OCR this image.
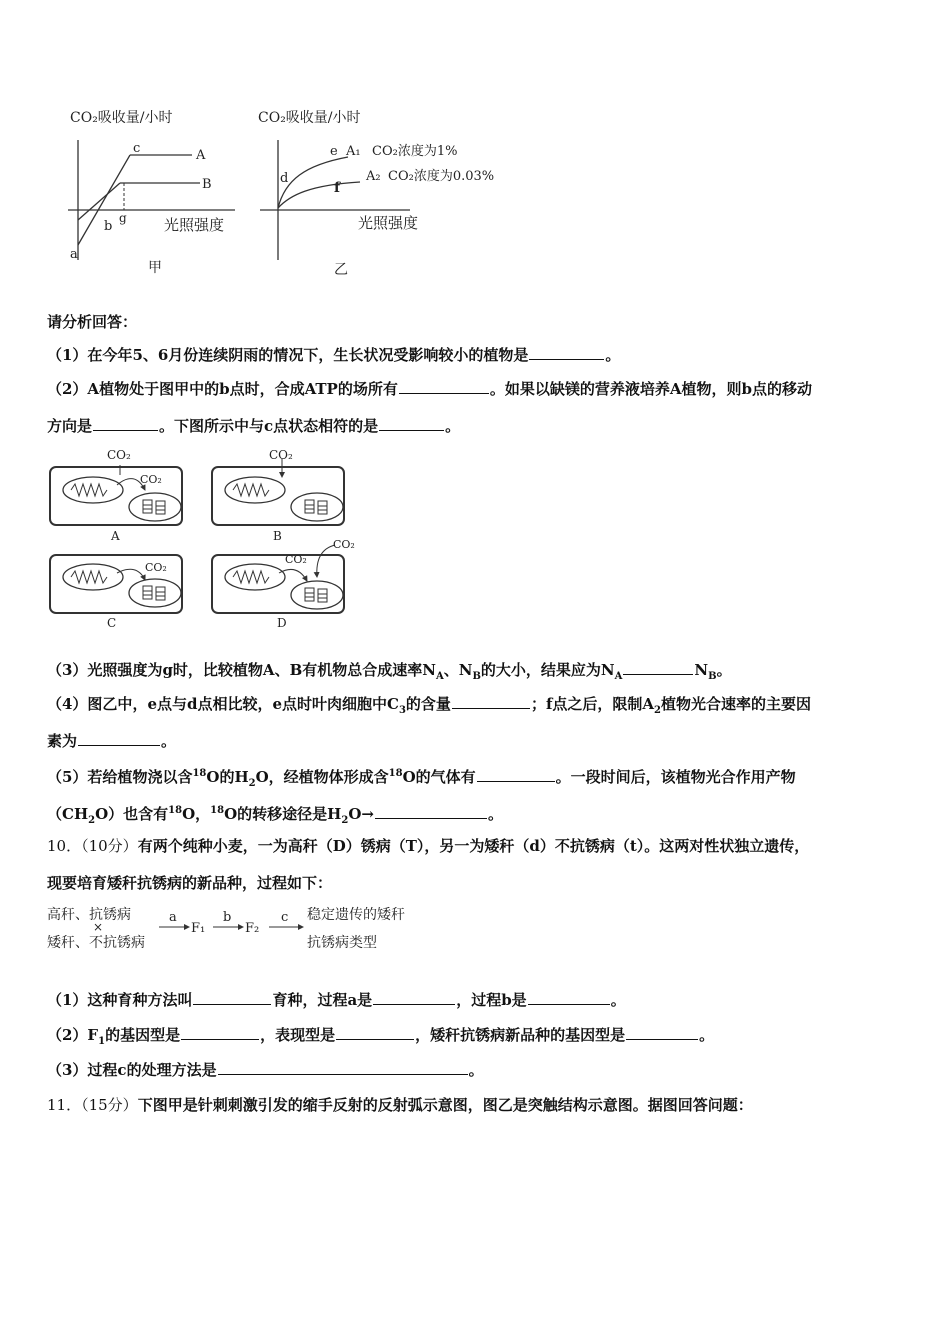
CO₂吸收量/小时
c	A
B
g
b
a
光照强度
甲
CO₂吸收量/小时
e A₁ CO₂浓度为1%
d	A₂ CO₂浓度为0.03%
f
光照强度
乙
请分析回答：
（1）在今年5、6月份连续阴雨的情况下，生长状况受影响较小的植物是	。
（2）A植物处于图甲中的b点时，合成ATP的场所有	。如果以缺镁的营养液培养A植物，则b点的移动
方向是	。下图所示中与c点状态相符的是	。
CO₂
CO₂
A
CO₂
B
CO₂
C
CO₂
CO₂
D
（3）光照强度为g时，比较植物A、B有机物总合成速率$N_A$、$N_B$的大小，结果应为$N_A$	$N_B$。
（4）图乙中，e点与d点相比较，e点时叶肉细胞中$C_3$的含量	；f点之后，限制$A_2$植物光合速率的主要因
素为	。
（5）若给植物浇以含$^{18}$O的$H_2O$，经植物体形成含$^{18}$O的气体有	。一段时间后，该植物光合作用产物
$(CH_2O)$也含有$^{18}$O，$^{18}$O的转移途径是$H_2O\to$	。
10．（10分）有两个纯种小麦，一为高秆（D）锈病（T），另一为矮秆（d）不抗锈病（t）。这两对性状独立遗传，
现要培育矮秆抗锈病的新品种，过程如下：
高秆、抗锈病
×
矮秆、不抗锈病
a
F₁
b
F₂
c 稳定遗传的矮秆
抗锈病类型
（1）这种育种方法叫	育种，过程a是	，过程b是	。
$(2)F_1$的基因型是	，表现型是	，矮秆抗锈病新品种的基因型是	。
（3）过程c的处理方法是	。
11．（15分）下图甲是针刺刺激引发的缩手反射的反射弧示意图，图乙是突触结构示意图。据图回答问题：
